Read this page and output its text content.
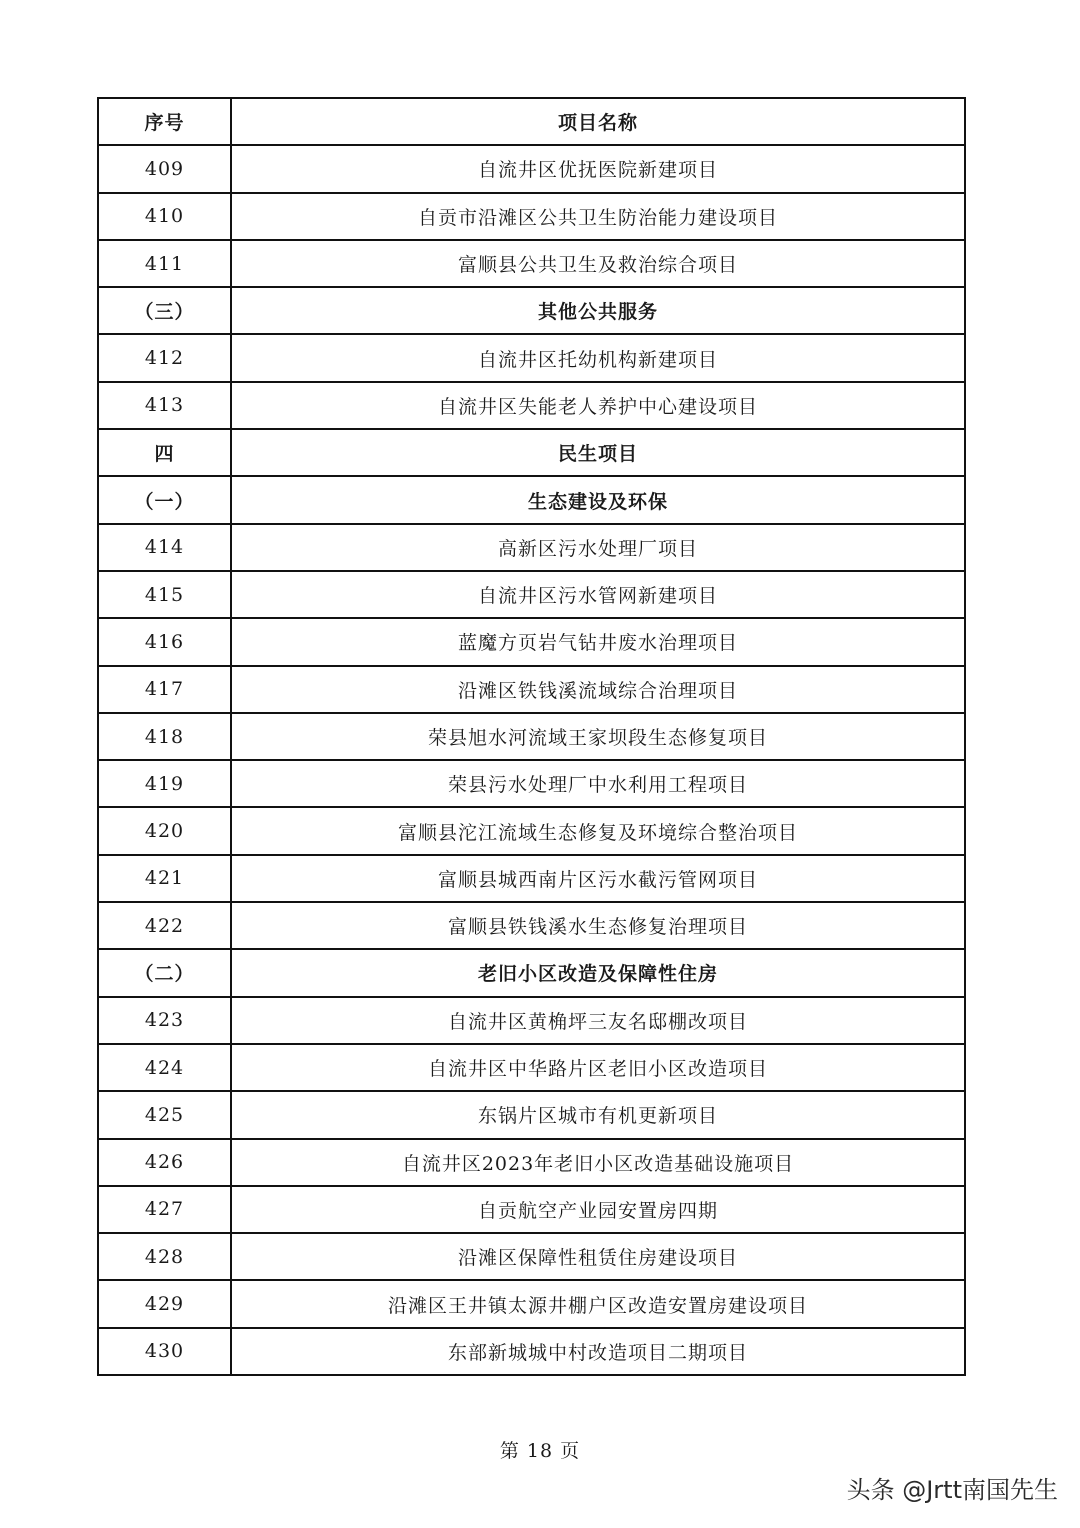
序号	项目名称
409	自流井区优抚医院新建项目
410	自贡市沿滩区公共卫生防治能力建设项目
411	富顺县公共卫生及救治综合项目
（三）	其他公共服务
412	自流井区托幼机构新建项目
413	自流井区失能老人养护中心建设项目
四	民生项目
（一）	生态建设及环保
414	高新区污水处理厂项目
415	自流井区污水管网新建项目
416	蓝魔方页岩气钻井废水治理项目
417	沿滩区铁钱溪流域综合治理项目
418	荣县旭水河流域王家坝段生态修复项目
419	荣县污水处理厂中水利用工程项目
420	富顺县沱江流域生态修复及环境综合整治项目
421	富顺县城西南片区污水截污管网项目
422	富顺县铁钱溪水生态修复治理项目
（二）	老旧小区改造及保障性住房
423	自流井区黄桷坪三友名邸棚改项目
424	自流井区中华路片区老旧小区改造项目
425	东锅片区城市有机更新项目
426	自流井区2023年老旧小区改造基础设施项目
427	自贡航空产业园安置房四期
428	沿滩区保障性租赁住房建设项目
429	沿滩区王井镇太源井棚户区改造安置房建设项目
430	东部新城城中村改造项目二期项目
第 18 页
头条 @Jrtt南国先生
